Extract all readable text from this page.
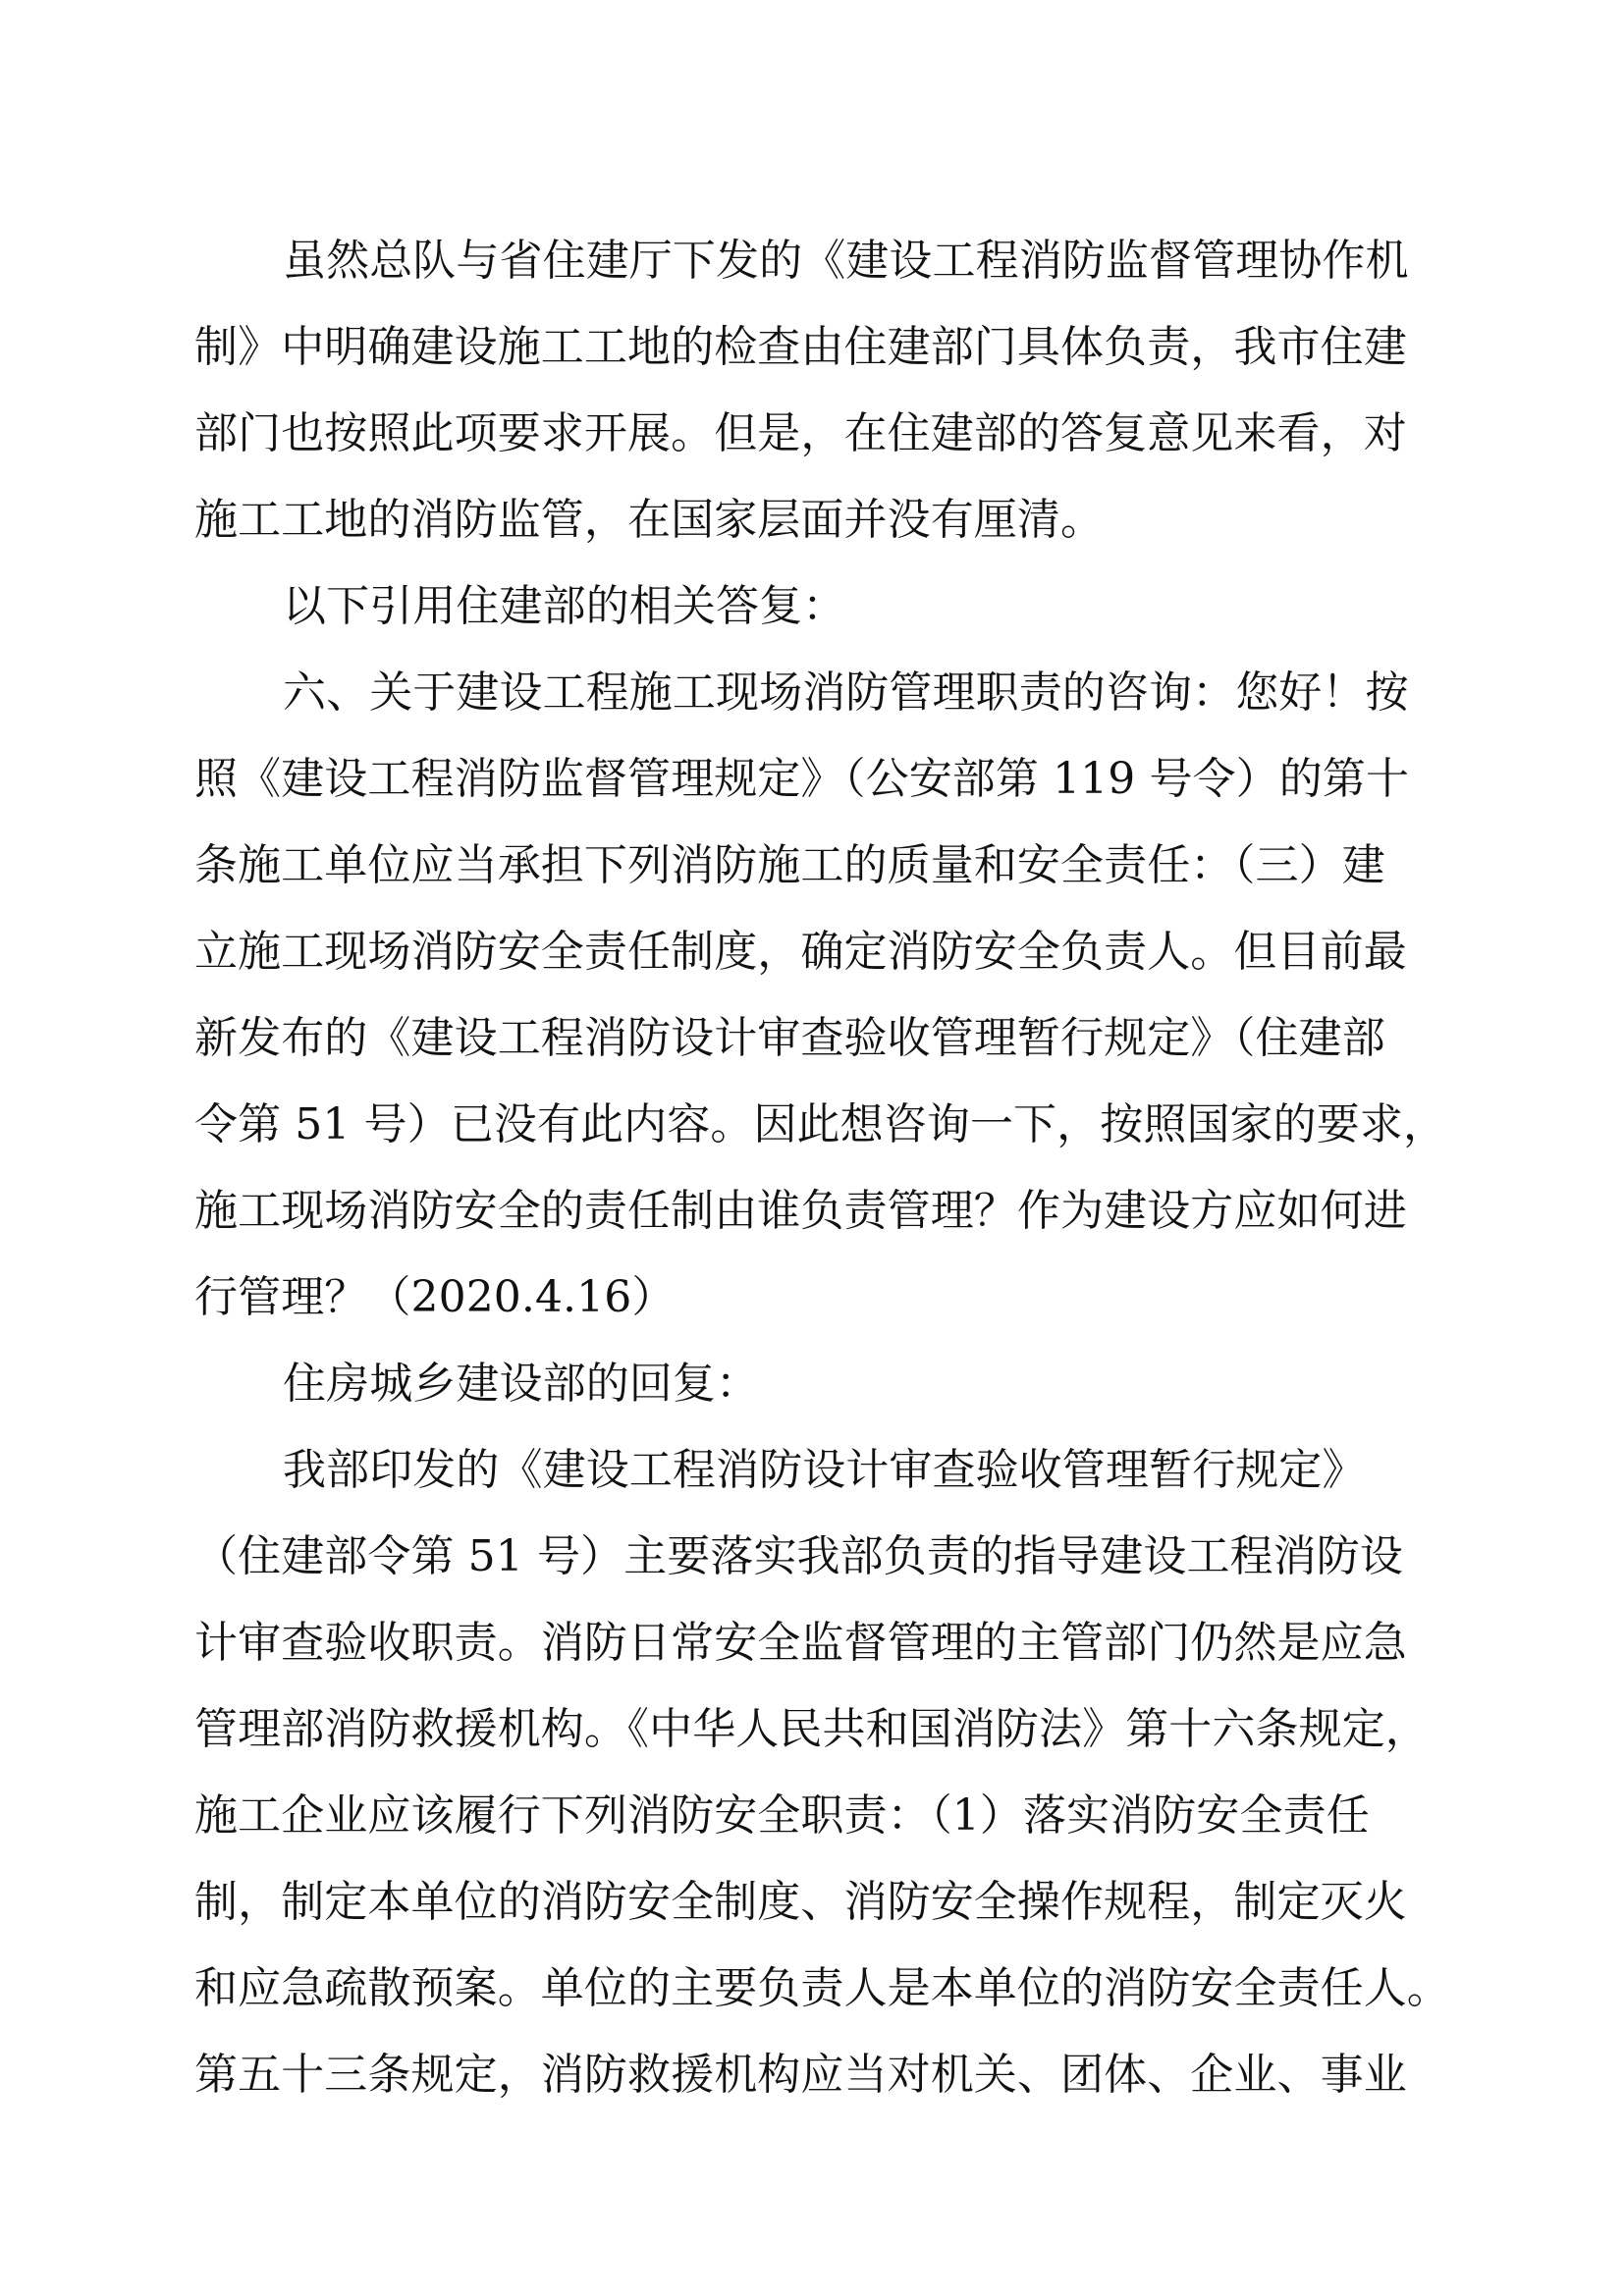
虽然总队与省住建厅下发的《建设工程消防监督管理协作机
制》中明确建设施工工地的检查由住建部门具体负责，我市住建
部门也按照此项要求开展。但是，在住建部的答复意见来看，对
施工工地的消防监管，在国家层面并没有厘清。
以下引用住建部的相关答复：
六、关于建设工程施工现场消防管理职责的咨询：您好！按
照《建设工程消防监督管理规定》（公安部第 119 号令）的第十
条施工单位应当承担下列消防施工的质量和安全责任：（三）建
立施工现场消防安全责任制度，确定消防安全负责人。但目前最
新发布的《建设工程消防设计审查验收管理暂行规定》（住建部
令第 51 号）已没有此内容。因此想咨询一下，按照国家的要求，
施工现场消防安全的责任制由谁负责管理？作为建设方应如何进
行管理？（2020.4.16）
住房城乡建设部的回复：
我部印发的《建设工程消防设计审查验收管理暂行规定》
（住建部令第 51 号）主要落实我部负责的指导建设工程消防设
计审查验收职责。消防日常安全监督管理的主管部门仍然是应急
管理部消防救援机构。《中华人民共和国消防法》第十六条规定，
施工企业应该履行下列消防安全职责：（1）落实消防安全责任
制，制定本单位的消防安全制度、消防安全操作规程，制定灭火
和应急疏散预案。单位的主要负责人是本单位的消防安全责任人。
第五十三条规定，消防救援机构应当对机关、团体、企业、事业
